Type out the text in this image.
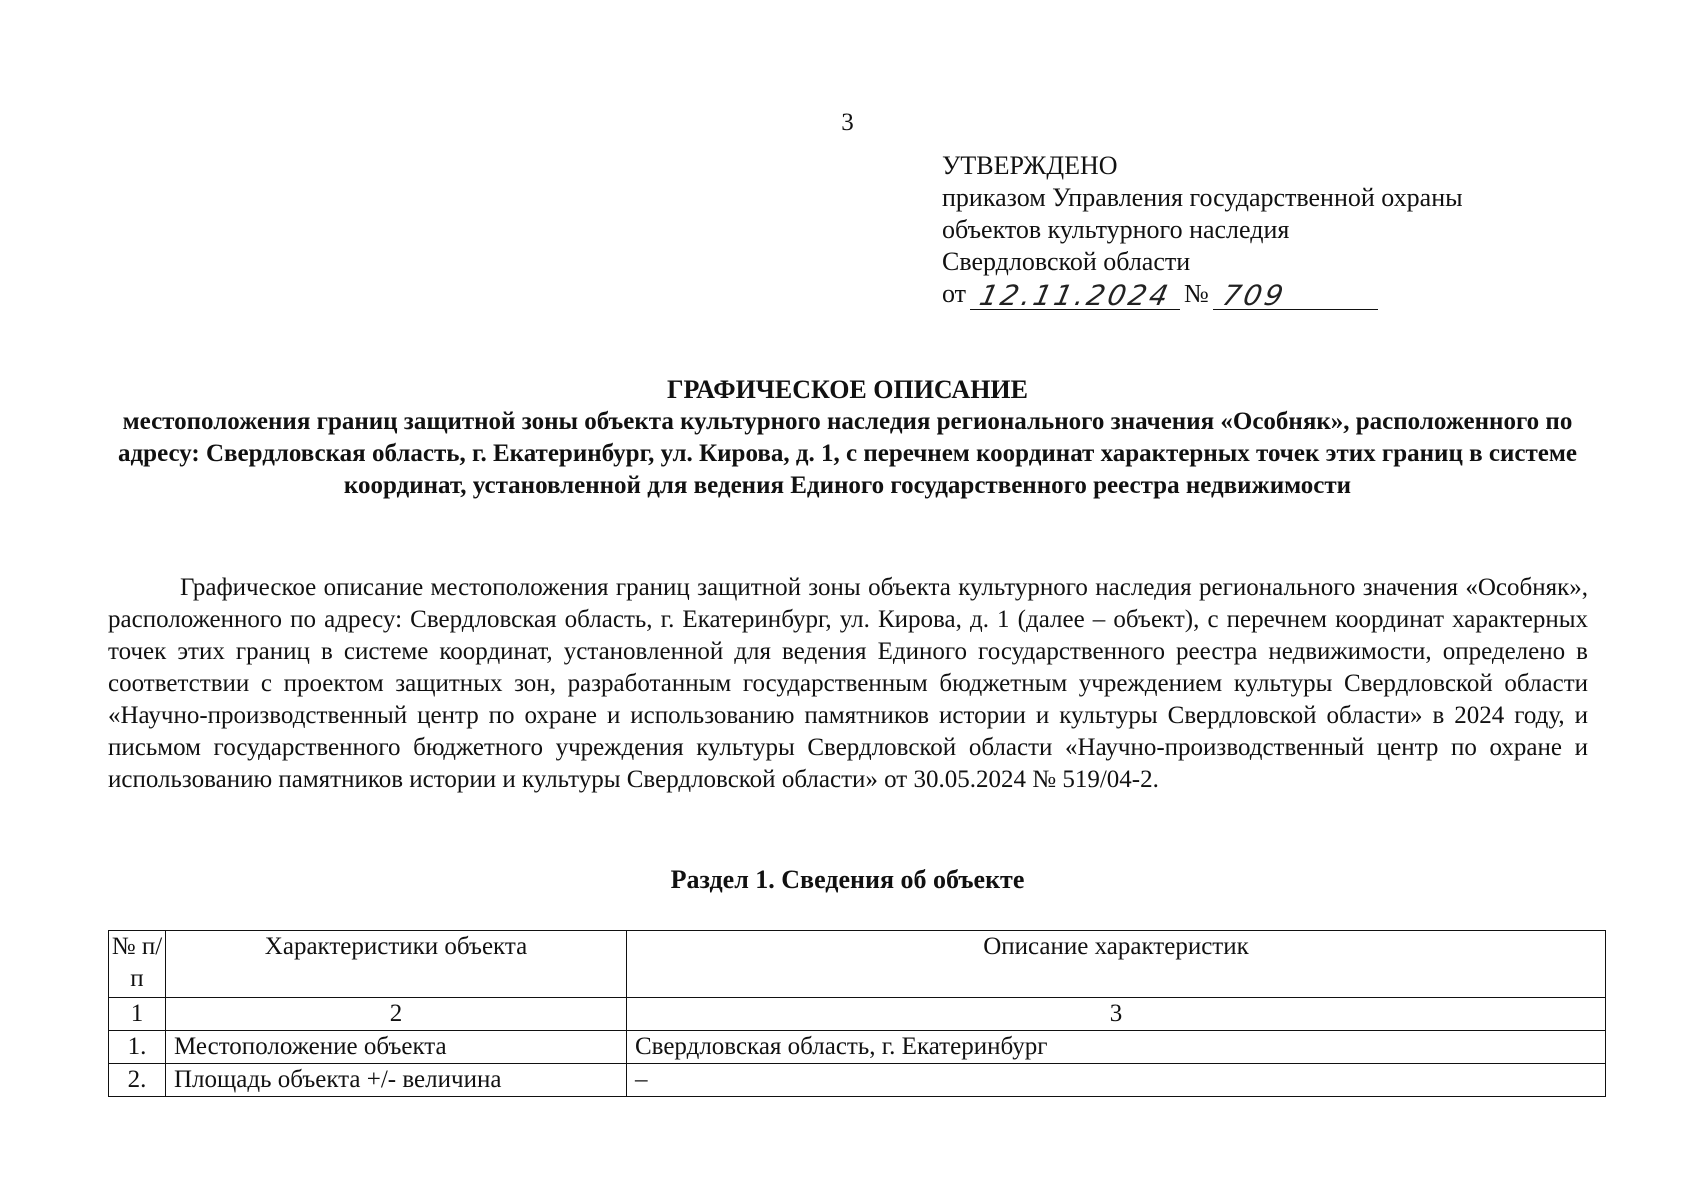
3
УТВЕРЖДЕНО
приказом Управления государственной охраны
объектов культурного наследия
Свердловской области
от 12.11.2024 № 709
ГРАФИЧЕСКОЕ ОПИСАНИЕ
местоположения границ защитной зоны объекта культурного наследия регионального значения «Особняк», расположенного по адресу: Свердловская область, г. Екатеринбург, ул. Кирова, д. 1, с перечнем координат характерных точек этих границ в системе координат, установленной для ведения Единого государственного реестра недвижимости

Графическое описание местоположения границ защитной зоны объекта культурного наследия регионального значения «Особняк», расположенного по адресу: Свердловская область, г. Екатеринбург, ул. Кирова, д. 1 (далее – объект), с перечнем координат характерных точек этих границ в системе координат, установленной для ведения Единого государственного реестра недвижимости, определено в соответствии с проектом защитных зон, разработанным государственным бюджетным учреждением культуры Свердловской области «Научно-производственный центр по охране и использованию памятников истории и культуры Свердловской области» в 2024 году, и письмом государственного бюджетного учреждения культуры Свердловской области «Научно-производственный центр по охране и использованию памятников истории и культуры Свердловской области» от 30.05.2024 № 519/04-2.

Раздел 1. Сведения об объекте
№ п/п	Характеристики объекта	Описание характеристик
1	2	3
1.	Местоположение объекта	Свердловская область, г. Екатеринбург
2.	Площадь объекта +/- величина	–
